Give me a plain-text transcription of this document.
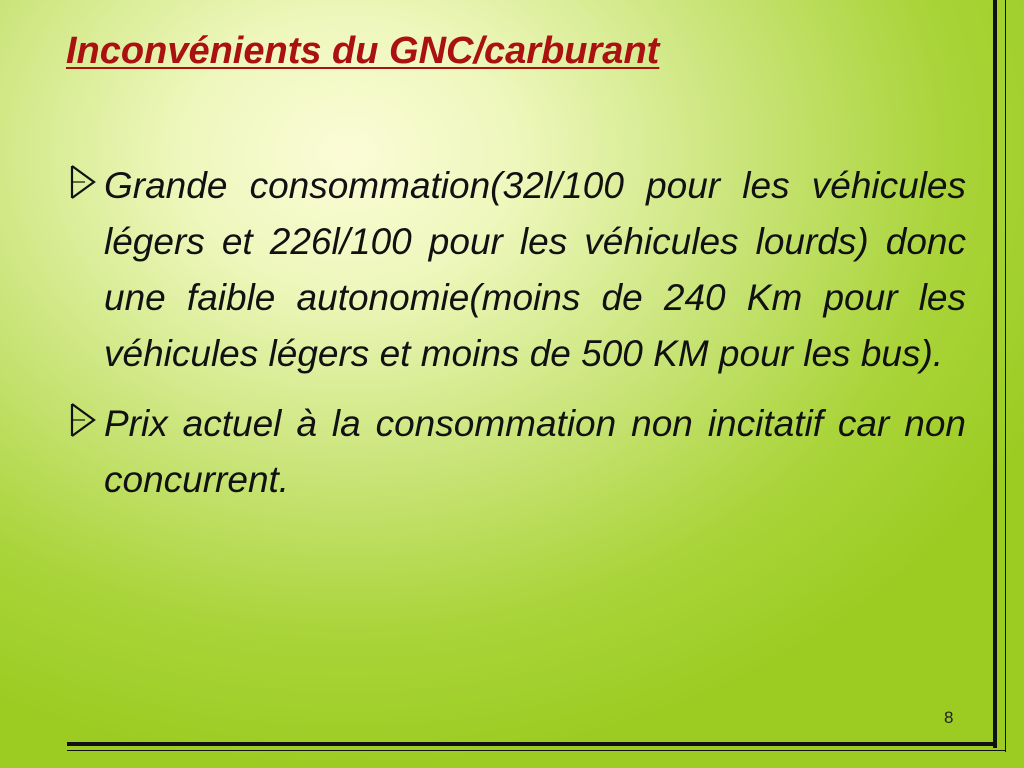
Inconvénients du GNC/carburant
Grande consommation(32l/100 pour les véhicules légers et 226l/100 pour les véhicules lourds) donc une faible autonomie(moins de 240 Km pour les véhicules légers et moins de 500 KM pour les bus).
Prix actuel à la consommation non incitatif car non concurrent.
8
